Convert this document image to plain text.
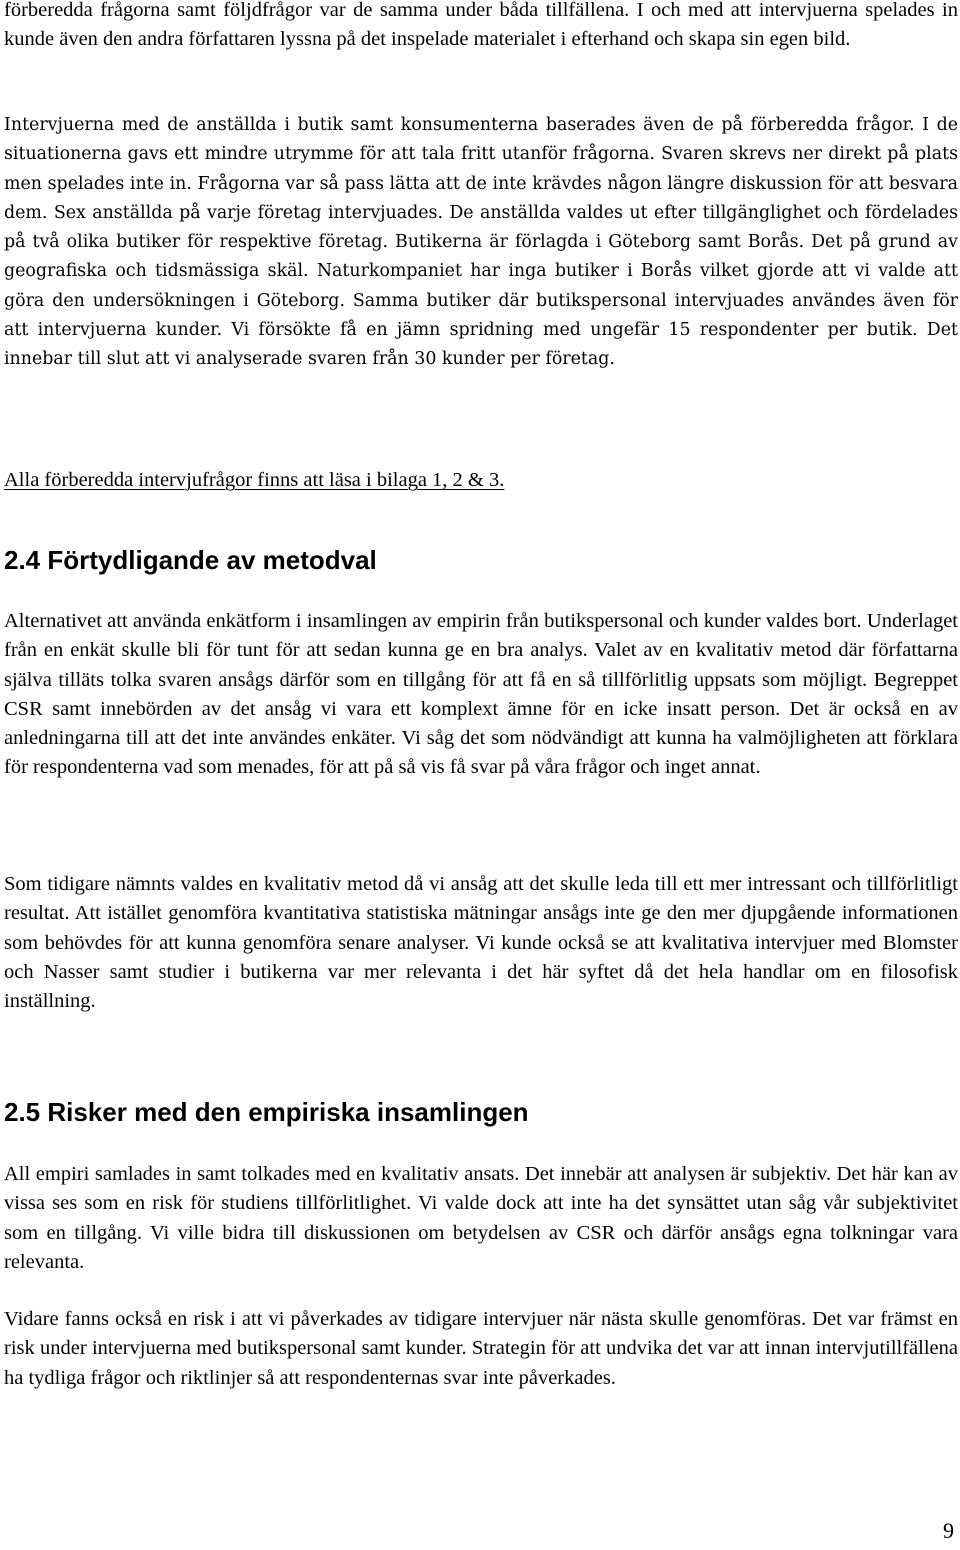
förberedda frågorna samt följdfrågor var de samma under båda tillfällena. I och med att intervjuerna spelades in kunde även den andra författaren lyssna på det inspelade materialet i efterhand och skapa sin egen bild.

Intervjuerna med de anställda i butik samt konsumenterna baserades även de på förberedda frågor. I de situationerna gavs ett mindre utrymme för att tala fritt utanför frågorna. Svaren skrevs ner direkt på plats men spelades inte in. Frågorna var så pass lätta att de inte krävdes någon längre diskussion för att besvara dem. Sex anställda på varje företag intervjuades. De anställda valdes ut efter tillgänglighet och fördelades på två olika butiker för respektive företag. Butikerna är förlagda i Göteborg samt Borås. Det på grund av geografiska och tidsmässiga skäl. Naturkompaniet har inga butiker i Borås vilket gjorde att vi valde att göra den undersökningen i Göteborg. Samma butiker där butikspersonal intervjuades användes även för att intervjuerna kunder. Vi försökte få en jämn spridning med ungefär 15 respondenter per butik. Det innebar till slut att vi analyserade svaren från 30 kunder per företag.

Alla förberedda intervjufrågor finns att läsa i bilaga 1, 2 & 3.

2.4 Förtydligande av metodval

Alternativet att använda enkätform i insamlingen av empirin från butikspersonal och kunder valdes bort. Underlaget från en enkät skulle bli för tunt för att sedan kunna ge en bra analys. Valet av en kvalitativ metod där författarna själva tilläts tolka svaren ansågs därför som en tillgång för att få en så tillförlitlig uppsats som möjligt. Begreppet CSR samt innebörden av det ansåg vi vara ett komplext ämne för en icke insatt person. Det är också en av anledningarna till att det inte användes enkäter. Vi såg det som nödvändigt att kunna ha valmöjligheten att förklara för respondenterna vad som menades, för att på så vis få svar på våra frågor och inget annat.

Som tidigare nämnts valdes en kvalitativ metod då vi ansåg att det skulle leda till ett mer intressant och tillförlitligt resultat. Att istället genomföra kvantitativa statistiska mätningar ansågs inte ge den mer djupgående informationen som behövdes för att kunna genomföra senare analyser. Vi kunde också se att kvalitativa intervjuer med Blomster och Nasser samt studier i butikerna var mer relevanta i det här syftet då det hela handlar om en filosofisk inställning.

2.5 Risker med den empiriska insamlingen

All empiri samlades in samt tolkades med en kvalitativ ansats. Det innebär att analysen är subjektiv. Det här kan av vissa ses som en risk för studiens tillförlitlighet. Vi valde dock att inte ha det synsättet utan såg vår subjektivitet som en tillgång. Vi ville bidra till diskussionen om betydelsen av CSR och därför ansågs egna tolkningar vara relevanta.

Vidare fanns också en risk i att vi påverkades av tidigare intervjuer när nästa skulle genomföras. Det var främst en risk under intervjuerna med butikspersonal samt kunder. Strategin för att undvika det var att innan intervjutillfällena ha tydliga frågor och riktlinjer så att respondenternas svar inte påverkades.

9
